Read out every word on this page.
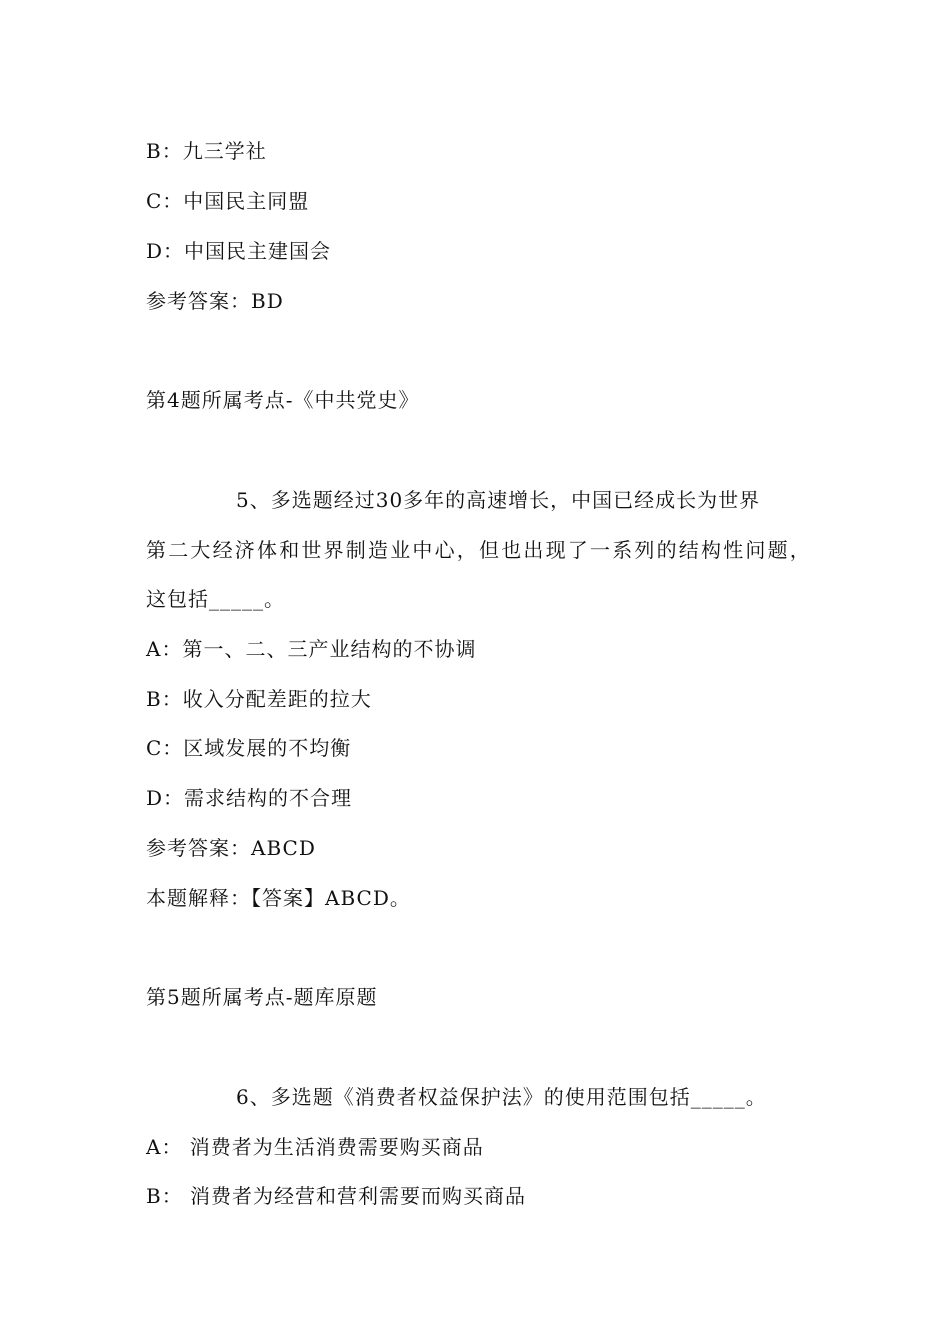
B：九三学社

C：中国民主同盟

D：中国民主建国会

参考答案：BD

第4题所属考点-《中共党史》

5、多选题经过30多年的高速增长，中国已经成长为世界

第二大经济体和世界制造业中心，但也出现了一系列的结构性问题，

这包括_____。

A：第一、二、三产业结构的不协调

B：收入分配差距的拉大

C：区域发展的不均衡

D：需求结构的不合理

参考答案：ABCD

本题解释：【答案】ABCD。

第5题所属考点-题库原题

6、多选题《消费者权益保护法》的使用范围包括_____。

A： 消费者为生活消费需要购买商品

B： 消费者为经营和营利需要而购买商品
